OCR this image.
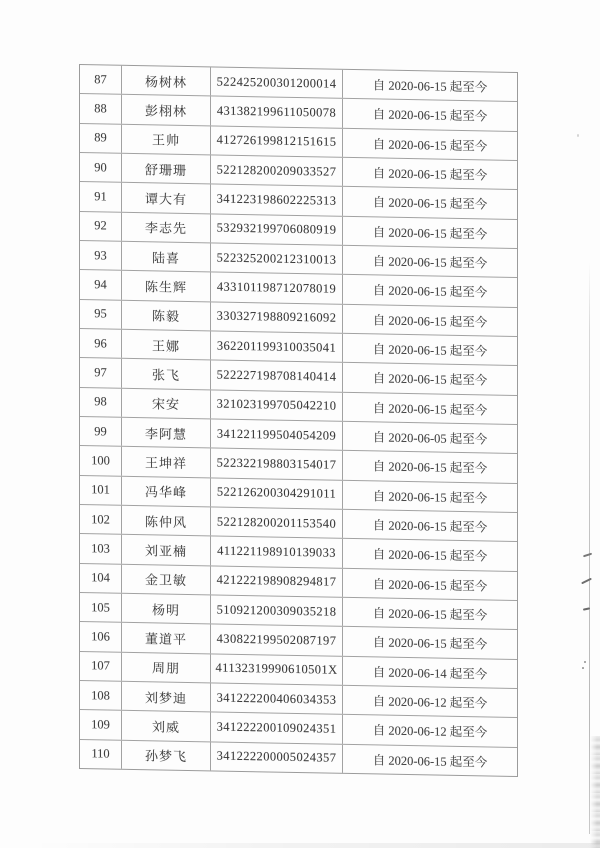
87	杨树林	522425200301200014	自 2020-06-15 起至今
88	彭栩林	431382199611050078	自 2020-06-15 起至今
89	王帅	412726199812151615	自 2020-06-15 起至今
90	舒珊珊	522128200209033527	自 2020-06-15 起至今
91	谭大有	341223198602225313	自 2020-06-15 起至今
92	李志先	532932199706080919	自 2020-06-15 起至今
93	陆喜	522325200212310013	自 2020-06-15 起至今
94	陈生辉	433101198712078019	自 2020-06-15 起至今
95	陈毅	330327198809216092	自 2020-06-15 起至今
96	王娜	362201199310035041	自 2020-06-15 起至今
97	张飞	522227198708140414	自 2020-06-15 起至今
98	宋安	321023199705042210	自 2020-06-15 起至今
99	李阿慧	341221199504054209	自 2020-06-05 起至今
100	王坤祥	522322198803154017	自 2020-06-15 起至今
101	冯华峰	522126200304291011	自 2020-06-15 起至今
102	陈仲风	522128200201153540	自 2020-06-15 起至今
103	刘亚楠	411221198910139033	自 2020-06-15 起至今
104	金卫敏	421222198908294817	自 2020-06-15 起至今
105	杨明	510921200309035218	自 2020-06-15 起至今
106	董道平	430822199502087197	自 2020-06-15 起至今
107	周朋	41132319990610501X	自 2020-06-14 起至今
108	刘梦迪	341222200406034353	自 2020-06-12 起至今
109	刘威	341222200109024351	自 2020-06-12 起至今
110	孙梦飞	341222200005024357	自 2020-06-15 起至今
